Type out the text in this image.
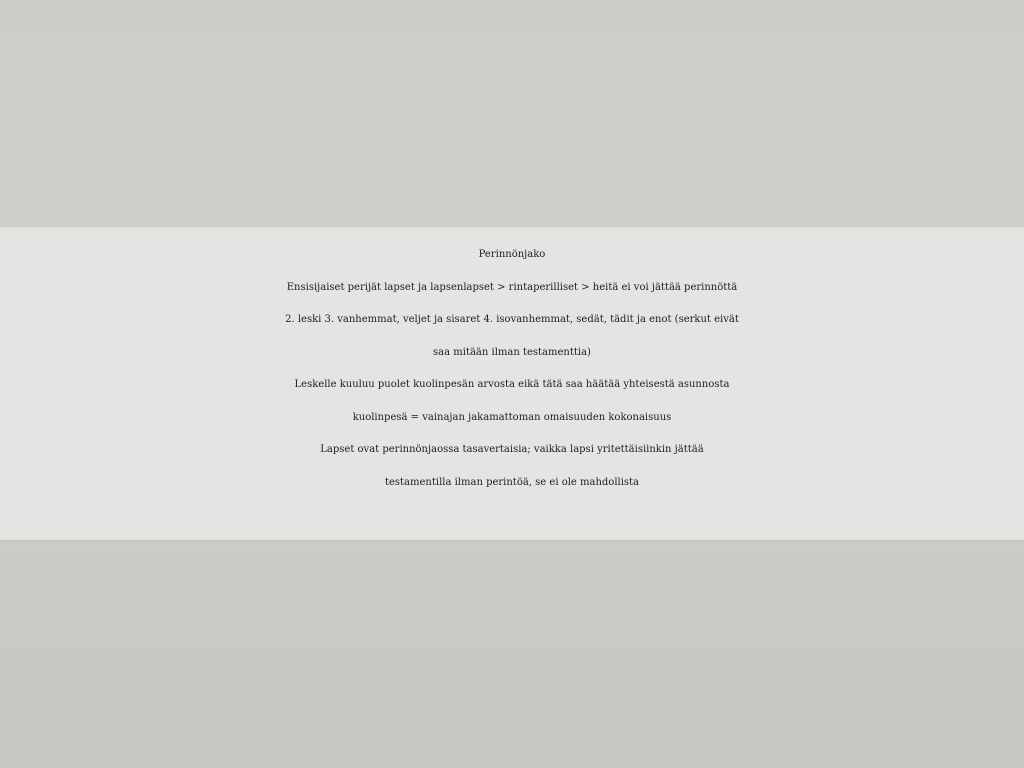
Perinnönjako
Ensisijaiset perijät lapset ja lapsenlapset > rintaperilliset > heitä ei voi jättää perinnöttä
2. leski 3. vanhemmat, veljet ja sisaret 4. isovanhemmat, sedät, tädit ja enot (serkut eivät
saa mitään ilman testamenttia)
Leskelle kuuluu puolet kuolinpesän arvosta eikä tätä saa häätää yhteisestä asunnosta
kuolinpesä = vainajan jakamattoman omaisuuden kokonaisuus
Lapset ovat perinnönjaossa tasavertaisia; vaikka lapsi yritettäisiinkin jättää
testamentilla ilman perintöä, se ei ole mahdollista
